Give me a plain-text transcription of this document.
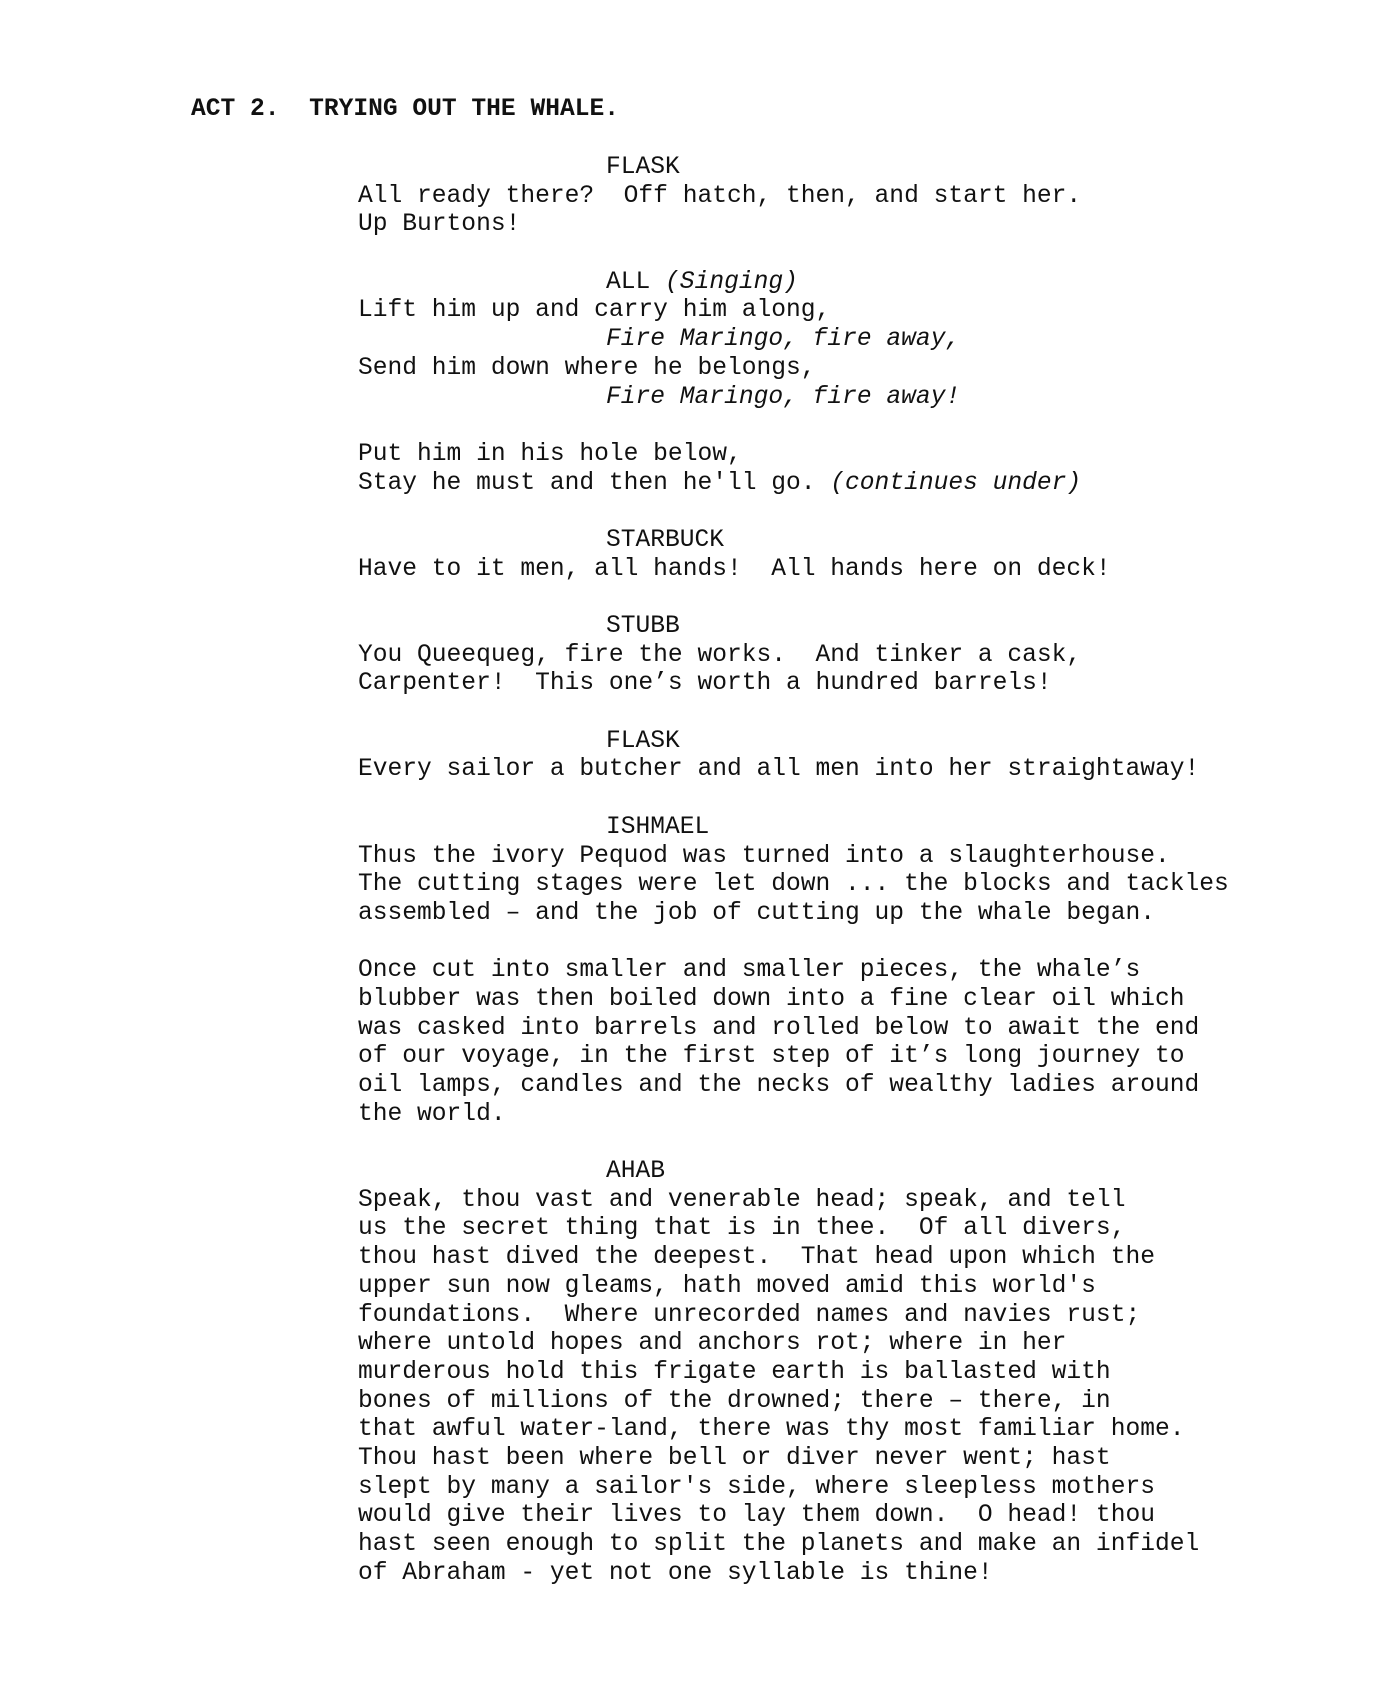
ACT 2.  TRYING OUT THE WHALE.
FLASK
All ready there?  Off hatch, then, and start her.
Up Burtons!
ALL (Singing)
Lift him up and carry him along,
Fire Maringo, fire away,
Send him down where he belongs,
Fire Maringo, fire away!
Put him in his hole below,
Stay he must and then he'll go. (continues under)
STARBUCK
Have to it men, all hands!  All hands here on deck!
STUBB
You Queequeg, fire the works.  And tinker a cask,
Carpenter!  This one’s worth a hundred barrels!
FLASK
Every sailor a butcher and all men into her straightaway!
ISHMAEL
Thus the ivory Pequod was turned into a slaughterhouse.
The cutting stages were let down ... the blocks and tackles
assembled – and the job of cutting up the whale began.
Once cut into smaller and smaller pieces, the whale’s
blubber was then boiled down into a fine clear oil which
was casked into barrels and rolled below to await the end
of our voyage, in the first step of it’s long journey to
oil lamps, candles and the necks of wealthy ladies around
the world.
AHAB
Speak, thou vast and venerable head; speak, and tell
us the secret thing that is in thee.  Of all divers,
thou hast dived the deepest.  That head upon which the
upper sun now gleams, hath moved amid this world's
foundations.  Where unrecorded names and navies rust;
where untold hopes and anchors rot; where in her
murderous hold this frigate earth is ballasted with
bones of millions of the drowned; there – there, in
that awful water-land, there was thy most familiar home.
Thou hast been where bell or diver never went; hast
slept by many a sailor's side, where sleepless mothers
would give their lives to lay them down.  O head! thou
hast seen enough to split the planets and make an infidel
of Abraham - yet not one syllable is thine!
